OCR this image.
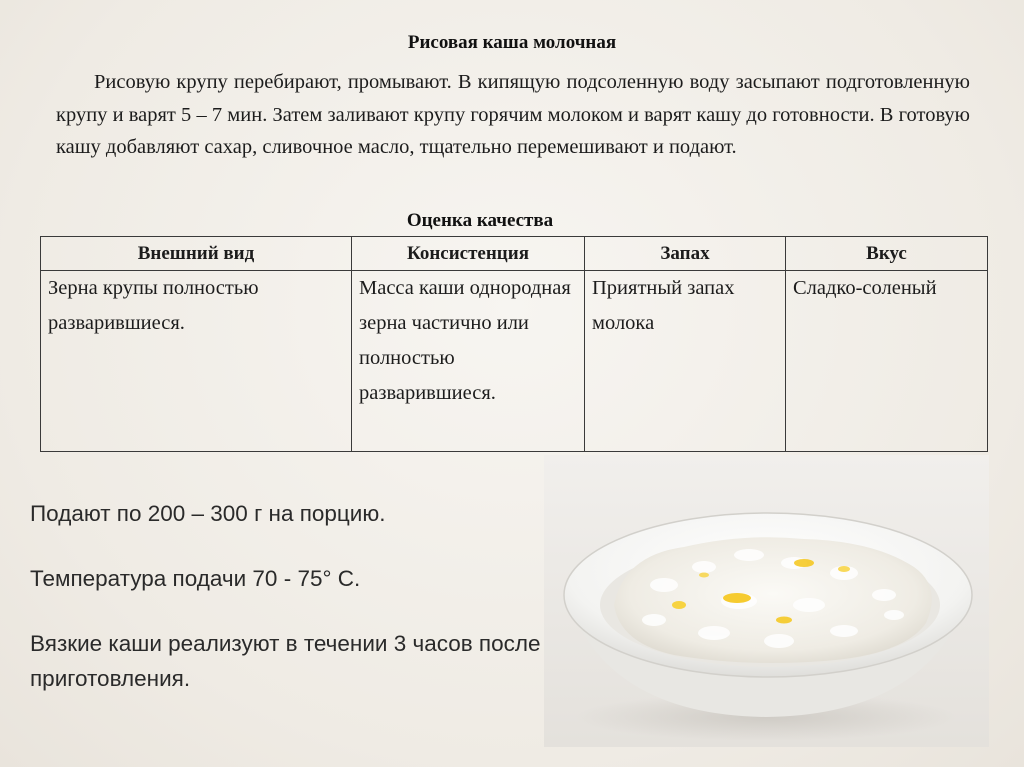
Рисовая каша молочная

Рисовую крупу перебирают, промывают. В кипящую подсоленную воду засыпают подготовленную крупу и варят 5 – 7 мин. Затем заливают крупу горячим молоком и варят кашу до готовности. В готовую кашу добавляют сахар, сливочное масло, тщательно перемешивают и подают.

Оценка качества
Внешний вид	Консистенция	Запах	Вкус
Зерна крупы полностью разварившиеся.	Масса каши однородная зерна частично или полностью разварившиеся.	Приятный запах молока	Сладко-соленый

Подают по 200 – 300 г на порцию.

Температура подачи 70 - 75° С.

Вязкие каши реализуют в течении 3 часов после приготовления.
